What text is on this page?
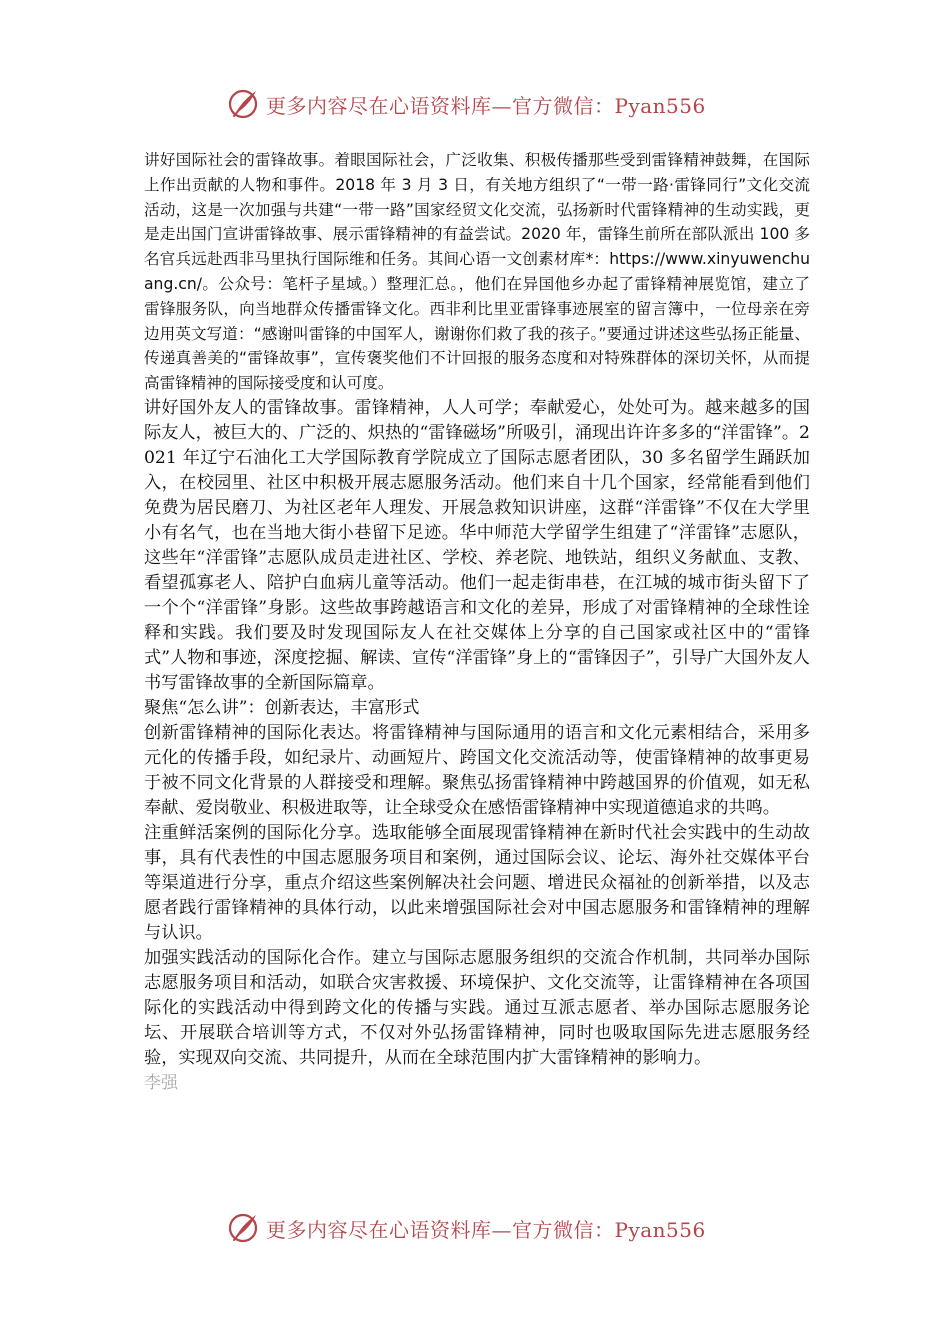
更多内容尽在心语资料库—官方微信：Pyan556

讲好国际社会的雷锋故事。着眼国际社会，广泛收集、积极传播那些受到雷锋精神鼓舞，在国际上作出贡献的人物和事件。2018 年 3 月 3 日，有关地方组织了“一带一路·雷锋同行”文化交流活动，这是一次加强与共建“一带一路”国家经贸文化交流，弘扬新时代雷锋精神的生动实践，更是走出国门宣讲雷锋故事、展示雷锋精神的有益尝试。2020 年，雷锋生前所在部队派出 100 多名官兵远赴西非马里执行国际维和任务。其间心语一文创素材库*：https://www.xinyuwenchuang.cn/。公众号：笔杆子星域。）整理汇总。，他们在异国他乡办起了雷锋精神展览馆，建立了雷锋服务队，向当地群众传播雷锋文化。西非利比里亚雷锋事迹展室的留言簿中，一位母亲在旁边用英文写道：“感谢叫雷锋的中国军人，谢谢你们救了我的孩子。”要通过讲述这些弘扬正能量、传递真善美的“雷锋故事”，宣传褒奖他们不计回报的服务态度和对特殊群体的深切关怀，从而提高雷锋精神的国际接受度和认可度。

讲好国外友人的雷锋故事。雷锋精神，人人可学；奉献爱心，处处可为。越来越多的国际友人，被巨大的、广泛的、炽热的“雷锋磁场”所吸引，涌现出许许多多的“洋雷锋”。2021 年辽宁石油化工大学国际教育学院成立了国际志愿者团队，30 多名留学生踊跃加入，在校园里、社区中积极开展志愿服务活动。他们来自十几个国家，经常能看到他们免费为居民磨刀、为社区老年人理发、开展急救知识讲座，这群“洋雷锋”不仅在大学里小有名气，也在当地大街小巷留下足迹。华中师范大学留学生组建了“洋雷锋”志愿队，这些年“洋雷锋”志愿队成员走进社区、学校、养老院、地铁站，组织义务献血、支教、看望孤寡老人、陪护白血病儿童等活动。他们一起走街串巷，在江城的城市街头留下了一个个“洋雷锋”身影。这些故事跨越语言和文化的差异，形成了对雷锋精神的全球性诠释和实践。我们要及时发现国际友人在社交媒体上分享的自己国家或社区中的“雷锋式”人物和事迹，深度挖掘、解读、宣传“洋雷锋”身上的“雷锋因子”，引导广大国外友人书写雷锋故事的全新国际篇章。

聚焦“怎么讲”：创新表达，丰富形式

创新雷锋精神的国际化表达。将雷锋精神与国际通用的语言和文化元素相结合，采用多元化的传播手段，如纪录片、动画短片、跨国文化交流活动等，使雷锋精神的故事更易于被不同文化背景的人群接受和理解。聚焦弘扬雷锋精神中跨越国界的价值观，如无私奉献、爱岗敬业、积极进取等，让全球受众在感悟雷锋精神中实现道德追求的共鸣。

注重鲜活案例的国际化分享。选取能够全面展现雷锋精神在新时代社会实践中的生动故事，具有代表性的中国志愿服务项目和案例，通过国际会议、论坛、海外社交媒体平台等渠道进行分享，重点介绍这些案例解决社会问题、增进民众福祉的创新举措，以及志愿者践行雷锋精神的具体行动，以此来增强国际社会对中国志愿服务和雷锋精神的理解与认识。

加强实践活动的国际化合作。建立与国际志愿服务组织的交流合作机制，共同举办国际志愿服务项目和活动，如联合灾害救援、环境保护、文化交流等，让雷锋精神在各项国际化的实践活动中得到跨文化的传播与实践。通过互派志愿者、举办国际志愿服务论坛、开展联合培训等方式，不仅对外弘扬雷锋精神，同时也吸取国际先进志愿服务经验，实现双向交流、共同提升，从而在全球范围内扩大雷锋精神的影响力。

李强

更多内容尽在心语资料库—官方微信：Pyan556
